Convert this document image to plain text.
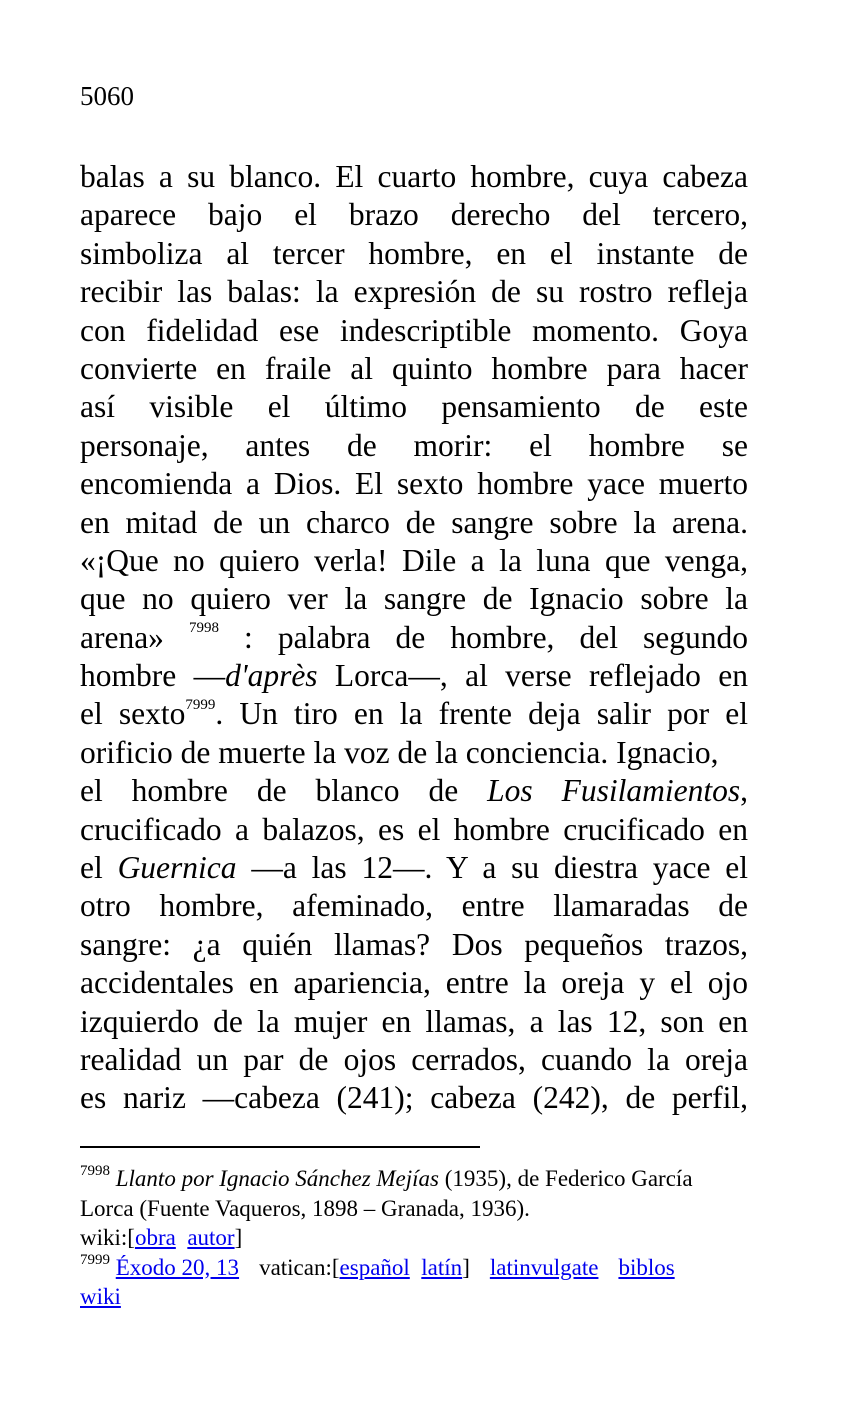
5060
balas a su blanco. El cuarto hombre, cuya cabeza
aparece bajo el brazo derecho del tercero,
simboliza al tercer hombre, en el instante de
recibir las balas: la expresión de su rostro refleja
con fidelidad ese indescriptible momento. Goya
convierte en fraile al quinto hombre para hacer
así visible el último pensamiento de este
personaje, antes de morir: el hombre se
encomienda a Dios. El sexto hombre yace muerto
en mitad de un charco de sangre sobre la arena.
«¡Que no quiero verla! Dile a la luna que venga,
que no quiero ver la sangre de Ignacio sobre la
arena» $^{7998}$ : palabra de hombre, del segundo
hombre —d'après Lorca—, al verse reflejado en
el sexto$^{7999}$. Un tiro en la frente deja salir por el
orificio de muerte la voz de la conciencia. Ignacio,
el hombre de blanco de Los Fusilamientos,
crucificado a balazos, es el hombre crucificado en
el Guernica —a las 12—. Y a su diestra yace el
otro hombre, afeminado, entre llamaradas de
sangre: ¿a quién llamas? Dos pequeños trazos,
accidentales en apariencia, entre la oreja y el ojo
izquierdo de la mujer en llamas, a las 12, son en
realidad un par de ojos cerrados, cuando la oreja
es nariz —cabeza (241); cabeza (242), de perfil,
$^{7998}$ Llanto por Ignacio Sánchez Mejías (1935), de Federico García
Lorca (Fuente Vaqueros, 1898 – Granada, 1936).
wiki:[obra autor]
$^{7999}$ Éxodo 20, 13 vatican:[español latín] latinvulgate biblos
wiki
